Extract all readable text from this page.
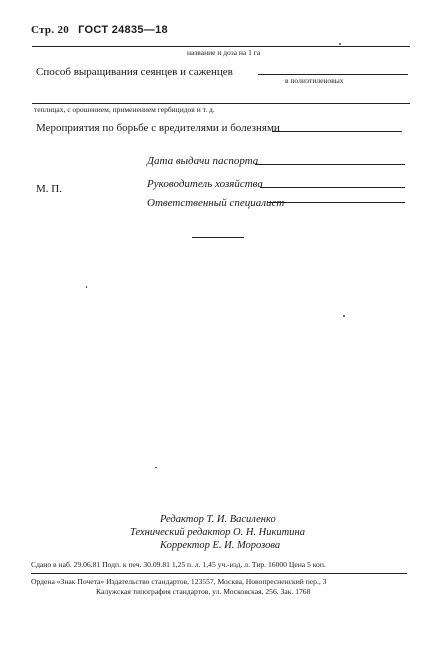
Стр. 20 ГОСТ 24835—18
название и доза на 1 га
Способ выращивания сеянцев и саженцев
в полиэтиленовых
теплицах, с орошением, применением гербицидов и т. д.
Мероприятия по борьбе с вредителями и болезнями
Дата выдачи паспорта
М. П.	Руководитель хозяйства
Ответственный специалист
Редактор Т. И. Василенко
Технический редактор О. Н. Никитина
Корректор Е. И. Морозова
Сдано в наб. 29.06.81 Подп. к печ. 30.09.81 1,25 п. л. 1,45 уч.-изд. л. Тир. 16000 Цена 5 коп.
Ордена «Знак Почета» Издательство стандартов, 123557, Москва, Новопресненский пер., 3
Калужская типография стандартов, ул. Московская, 256. Зак. 1768
